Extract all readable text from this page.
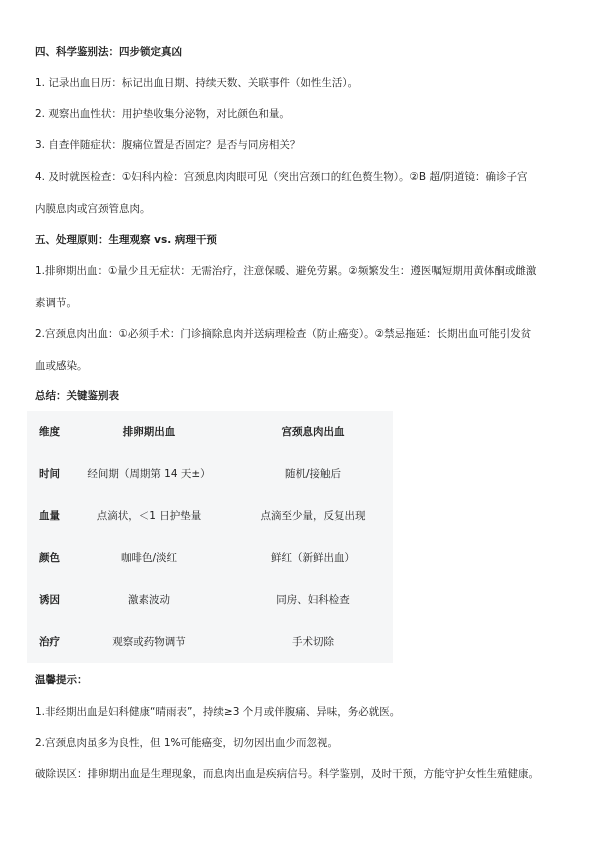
四、科学鉴别法：四步锁定真凶
1. 记录出血日历：标记出血日期、持续天数、关联事件（如性生活）。
2. 观察出血性状：用护垫收集分泌物，对比颜色和量。
3. 自查伴随症状：腹痛位置是否固定？是否与同房相关？
4. 及时就医检查：①妇科内检：宫颈息肉肉眼可见（突出宫颈口的红色赘生物）。②B 超/阴道镜：确诊子宫
内膜息肉或宫颈管息肉。
五、处理原则：生理观察 vs. 病理干预
1.排卵期出血：①量少且无症状：无需治疗，注意保暖、避免劳累。②频繁发生：遵医嘱短期用黄体酮或雌激
素调节。
2.宫颈息肉出血：①必须手术：门诊摘除息肉并送病理检查（防止癌变）。②禁忌拖延：长期出血可能引发贫
血或感染。
总结：关键鉴别表
维度	排卵期出血	宫颈息肉出血
时间	经间期（周期第 14 天±）	随机/接触后
血量	点滴状，＜1 日护垫量	点滴至少量，反复出现
颜色	咖啡色/淡红	鲜红（新鲜出血）
诱因	激素波动	同房、妇科检查
治疗	观察或药物调节	手术切除
温馨提示：
1.非经期出血是妇科健康“晴雨表”，持续≥3 个月或伴腹痛、异味，务必就医。
2.宫颈息肉虽多为良性，但 1%可能癌变，切勿因出血少而忽视。
破除误区：排卵期出血是生理现象，而息肉出血是疾病信号。科学鉴别，及时干预，方能守护女性生殖健康。
